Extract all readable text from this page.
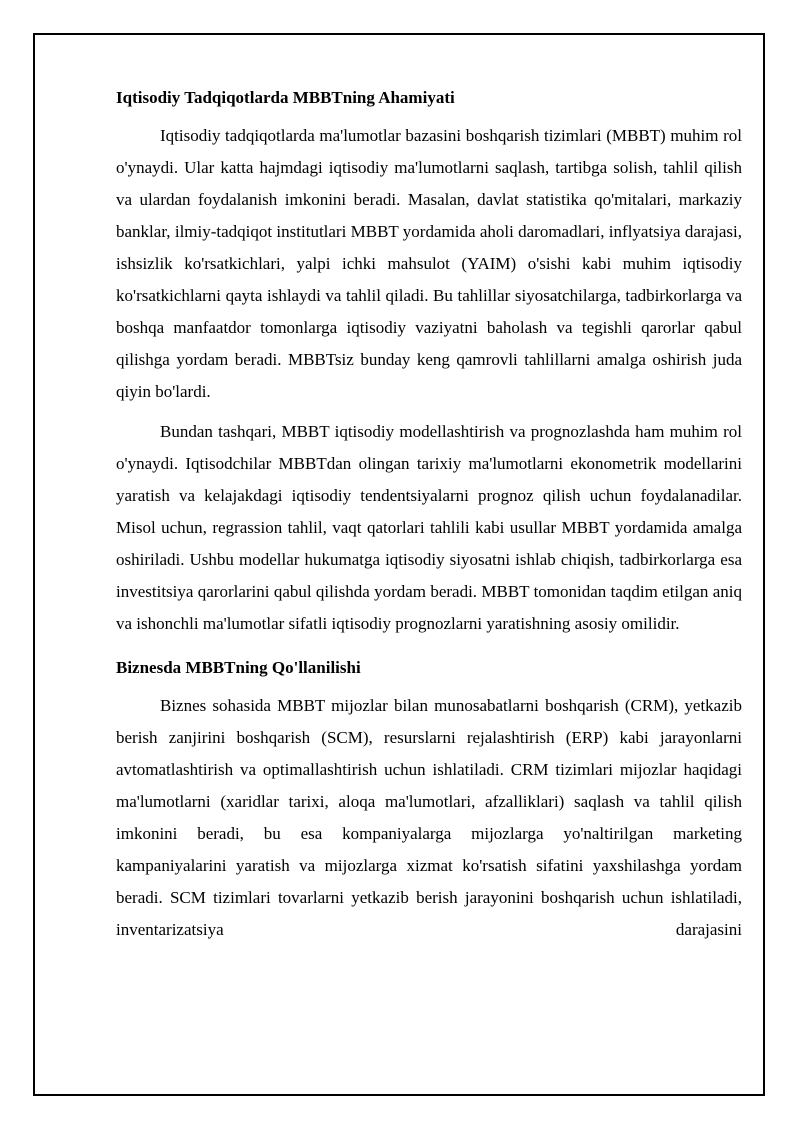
Iqtisodiy Tadqiqotlarda MBBTning Ahamiyati

Iqtisodiy tadqiqotlarda ma'lumotlar bazasini boshqarish tizimlari (MBBT) muhim rol o'ynaydi. Ular katta hajmdagi iqtisodiy ma'lumotlarni saqlash, tartibga solish, tahlil qilish va ulardan foydalanish imkonini beradi. Masalan, davlat statistika qo'mitalari, markaziy banklar, ilmiy-tadqiqot institutlari MBBT yordamida aholi daromadlari, inflyatsiya darajasi, ishsizlik ko'rsatkichlari, yalpi ichki mahsulot (YAIM) o'sishi kabi muhim iqtisodiy ko'rsatkichlarni qayta ishlaydi va tahlil qiladi. Bu tahlillar siyosatchilarga, tadbirkorlarga va boshqa manfaatdor tomonlarga iqtisodiy vaziyatni baholash va tegishli qarorlar qabul qilishga yordam beradi. MBBTsiz bunday keng qamrovli tahlillarni amalga oshirish juda qiyin bo'lardi.

Bundan tashqari, MBBT iqtisodiy modellashtirish va prognozlashda ham muhim rol o'ynaydi. Iqtisodchilar MBBTdan olingan tarixiy ma'lumotlarni ekonometrik modellarini yaratish va kelajakdagi iqtisodiy tendentsiyalarni prognoz qilish uchun foydalanadilar. Misol uchun, regrassion tahlil, vaqt qatorlari tahlili kabi usullar MBBT yordamida amalga oshiriladi. Ushbu modellar hukumatga iqtisodiy siyosatni ishlab chiqish, tadbirkorlarga esa investitsiya qarorlarini qabul qilishda yordam beradi. MBBT tomonidan taqdim etilgan aniq va ishonchli ma'lumotlar sifatli iqtisodiy prognozlarni yaratishning asosiy omilidir.

Biznesda MBBTning Qo'llanilishi

Biznes sohasida MBBT mijozlar bilan munosabatlarni boshqarish (CRM), yetkazib berish zanjirini boshqarish (SCM), resurslarni rejalashtirish (ERP) kabi jarayonlarni avtomatlashtirish va optimallashtirish uchun ishlatiladi. CRM tizimlari mijozlar haqidagi ma'lumotlarni (xaridlar tarixi, aloqa ma'lumotlari, afzalliklari) saqlash va tahlil qilish imkonini beradi, bu esa kompaniyalarga mijozlarga yo'naltirilgan marketing kampaniyalarini yaratish va mijozlarga xizmat ko'rsatish sifatini yaxshilashga yordam beradi. SCM tizimlari tovarlarni yetkazib berish jarayonini boshqarish uchun ishlatiladi, inventarizatsiya darajasini
